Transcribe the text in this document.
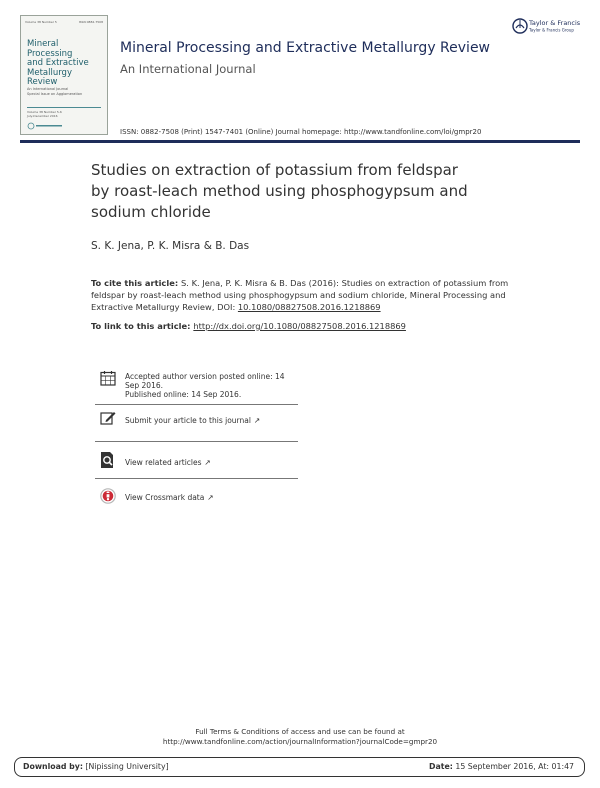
Volume 38 Number 5	ISSN 0882-7508
Mineral Processing
and Extractive
Metallurgy
Review
An International Journal
Special Issue on Agglomeration
Volume 38 Number 5-6
July-December 2016
Mineral Processing and Extractive Metallurgy Review
An International Journal
ISSN: 0882-7508 (Print) 1547-7401 (Online) Journal homepage: http://www.tandfonline.com/loi/gmpr20
Taylor & Francis
Taylor & Francis Group
Studies on extraction of potassium from feldspar
by roast-leach method using phosphogypsum and
sodium chloride
S. K. Jena, P. K. Misra & B. Das
To cite this article: S. K. Jena, P. K. Misra & B. Das (2016): Studies on extraction of potassium from feldspar by roast-leach method using phosphogypsum and sodium chloride, Mineral Processing and Extractive Metallurgy Review, DOI: 10.1080/08827508.2016.1218869
To link to this article: http://dx.doi.org/10.1080/08827508.2016.1218869
Accepted author version posted online: 14 Sep 2016.
Published online: 14 Sep 2016.
Submit your article to this journal ↗
View related articles ↗
View Crossmark data ↗
Full Terms & Conditions of access and use can be found at
http://www.tandfonline.com/action/journalInformation?journalCode=gmpr20
Download by: [Nipissing University]	Date: 15 September 2016, At: 01:47
